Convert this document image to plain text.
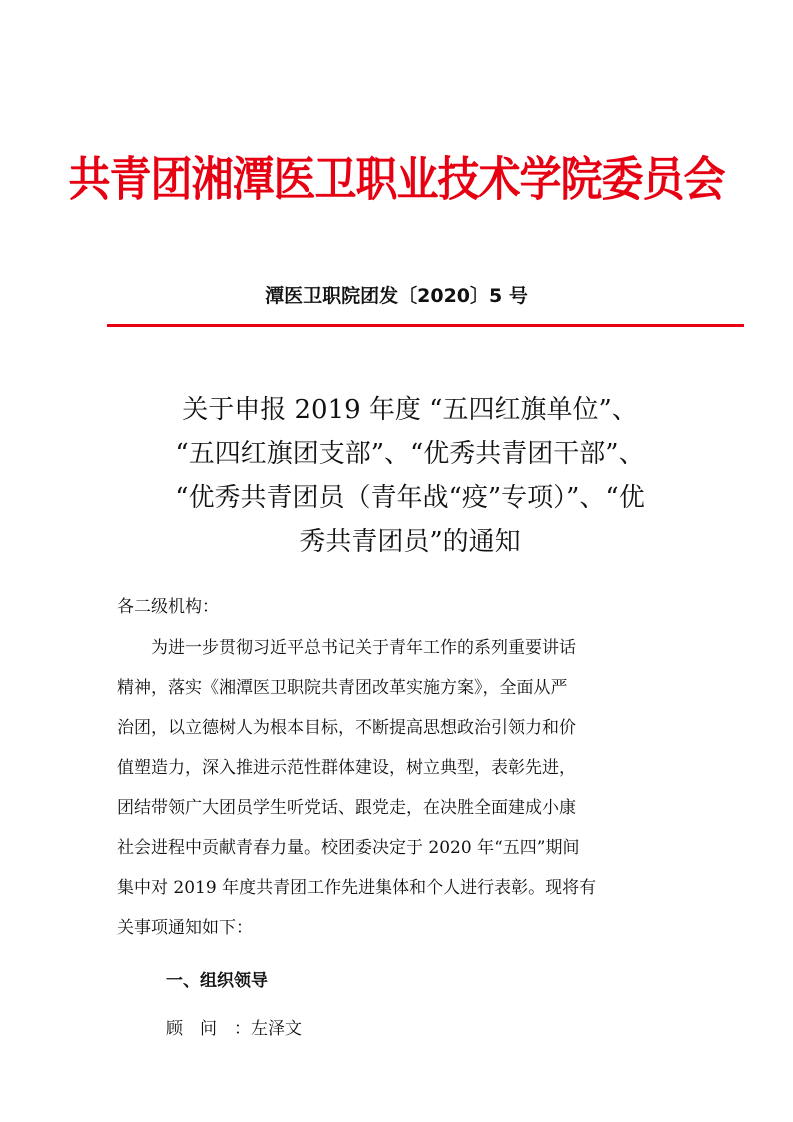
共青团湘潭医卫职业技术学院委员会
潭医卫职院团发〔2020〕5 号
关于申报 2019 年度 “五四红旗单位”、
“五四红旗团支部”、“优秀共青团干部”、
“优秀共青团员（青年战“疫”专项）”、“优
秀共青团员”的通知
各二级机构：
　　为进一步贯彻习近平总书记关于青年工作的系列重要讲话
精神，落实《湘潭医卫职院共青团改革实施方案》，全面从严
治团，以立德树人为根本目标，不断提高思想政治引领力和价
值塑造力，深入推进示范性群体建设，树立典型，表彰先进，
团结带领广大团员学生听党话、跟党走，在决胜全面建成小康
社会进程中贡献青春力量。校团委决定于 2020 年“五四”期间
集中对 2019 年度共青团工作先进集体和个人进行表彰。现将有
关事项通知如下：
一、组织领导
顾问：左泽文
